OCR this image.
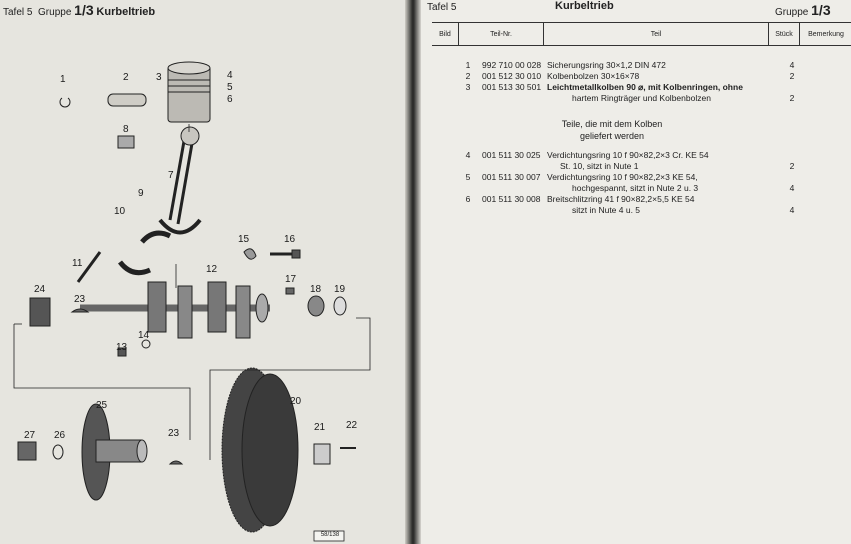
Tafel 5 Gruppe 1/3 Kurbeltrieb
1	2	3	4
5
6
7
8
9
10
11
12
13
14
15	16
17
18 19
20
21 22
23
23
24
25
26
27
58/138
Tafel 5	Kurbeltrieb
Gruppe 1/3
Bild	Teil-Nr.	Teil	Stück	Bemerkung
1	992 710 00 028 Sicherungsring 30×1,2 DIN 472	4
2	001 512 30 010 Kolbenbolzen 30×16×78	2
3	001 513 30 501 Leichtmetallkolben 90 ⌀, mit Kolbenringen, ohne
hartem Ringträger und Kolbenbolzen	2
Teile, die mit dem Kolben
geliefert werden
4	001 511 30 025 Verdichtungsring 10 f 90×82,2×3 Cr. KE 54
St. 10, sitzt in Nute 1	2
5	001 511 30 007 Verdichtungsring 10 f 90×82,2×3 KE 54,
hochgespannt, sitzt in Nute 2 u. 3	4
6	001 511 30 008 Breitschlitzring 41 f 90×82,2×5,5 KE 54
sitzt in Nute 4 u. 5	4
